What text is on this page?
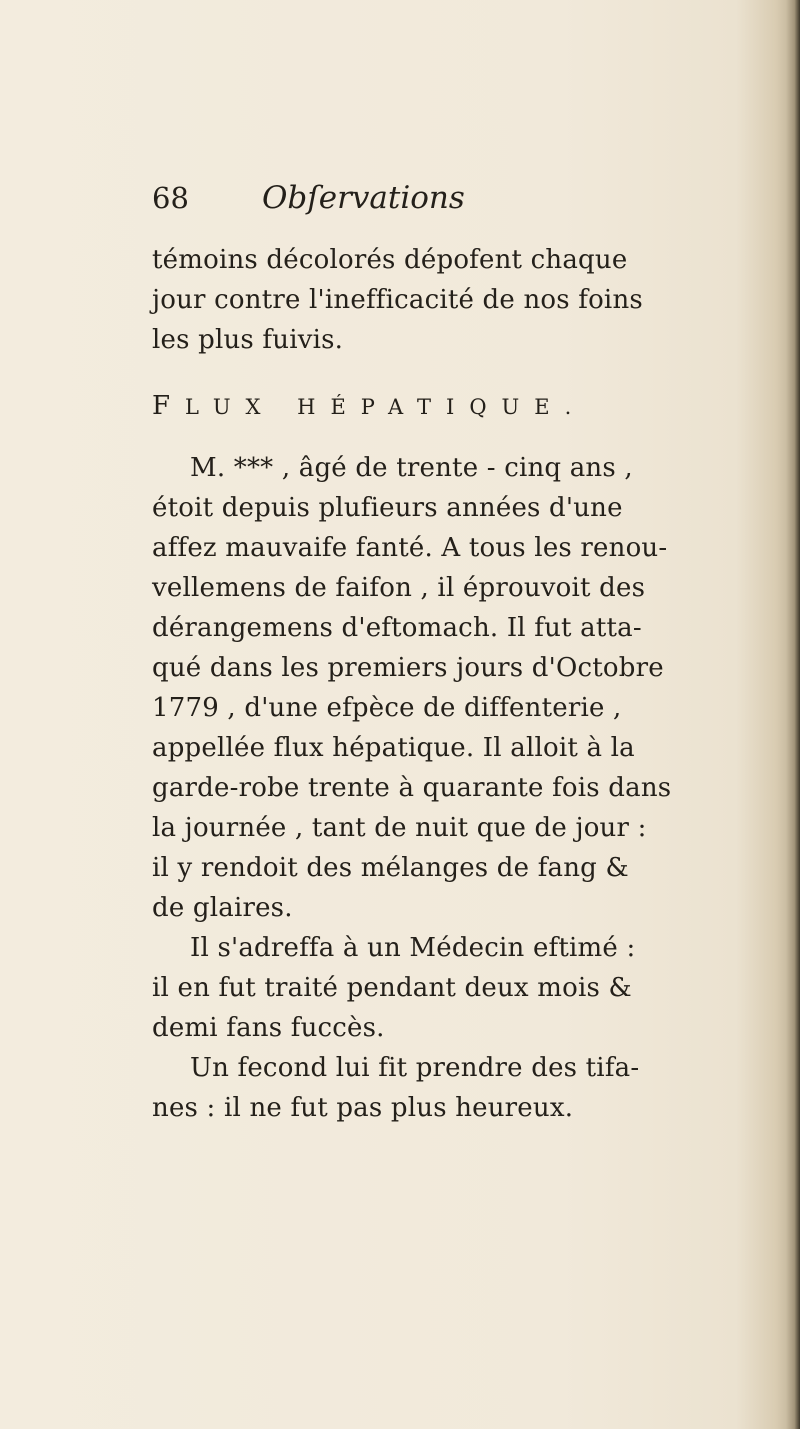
68	Obſervations
témoins décolorés dépofent chaque
jour contre l'inefficacité de nos foins
les plus fuivis.
FLUX HÉPATIQUE.
M. *** , âgé de trente - cinq ans ,
étoit depuis plufieurs années d'une
affez mauvaife fanté. A tous les renou-
vellemens de faifon , il éprouvoit des
dérangemens d'eftomach. Il fut atta-
qué dans les premiers jours d'Octobre
1779 , d'une efpèce de diffenterie ,
appellée flux hépatique. Il alloit à la
garde-robe trente à quarante fois dans
la journée , tant de nuit que de jour :
il y rendoit des mélanges de fang &
de glaires.
Il s'adreffa à un Médecin eftimé :
il en fut traité pendant deux mois &
demi fans fuccès.
Un fecond lui fit prendre des tifa-
nes : il ne fut pas plus heureux.
